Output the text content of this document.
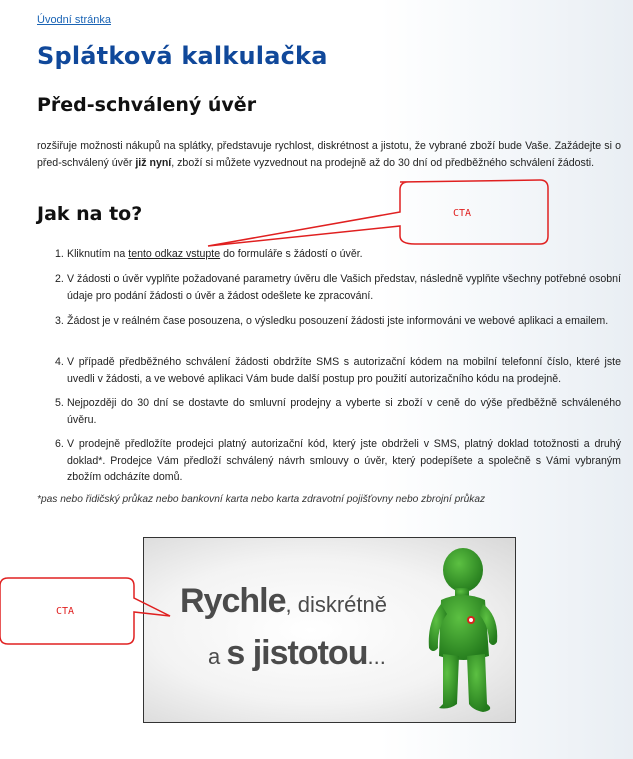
Úvodní stránka
Splátková kalkulačka
Před-schválený úvěr

rozšiřuje možnosti nákupů na splátky, představuje rychlost, diskrétnost a jistotu, že vybrané zboží bude Vaše. Zažádejte si o před-schválený úvěr již nyní, zboží si můžete vyzvednout na prodejně až do 30 dní od předběžného schválení žádosti.

Jak na to?
1. Kliknutím na tento odkaz vstupte do formuláře s žádostí o úvěr.
2. V žádosti o úvěr vyplňte požadované parametry úvěru dle Vašich představ, následně vyplňte všechny potřebné osobní údaje pro podání žádosti o úvěr a žádost odešlete ke zpracování.
3. Žádost je v reálném čase posouzena, o výsledku posouzení žádosti jste informováni ve webové aplikaci a emailem.
4. V případě předběžného schválení žádosti obdržíte SMS s autorizační kódem na mobilní telefonní číslo, které jste uvedli v žádosti, a ve webové aplikaci Vám bude další postup pro použití autorizačního kódu na prodejně.
5. Nejpozději do 30 dní se dostavte do smluvní prodejny a vyberte si zboží v ceně do výše předběžně schváleného úvěru.
6. V prodejně předložíte prodejci platný autorizační kód, který jste obdrželi v SMS, platný doklad totožnosti a druhý doklad*. Prodejce Vám předloží schválený návrh smlouvy o úvěr, který podepíšete a společně s Vámi vybraným zbožím odcházíte domů.

*pas nebo řidičský průkaz nebo bankovní karta nebo karta zdravotní pojišťovny nebo zbrojní průkaz

Rychle, diskrétně
a s jistotou...
CTA
CTA
